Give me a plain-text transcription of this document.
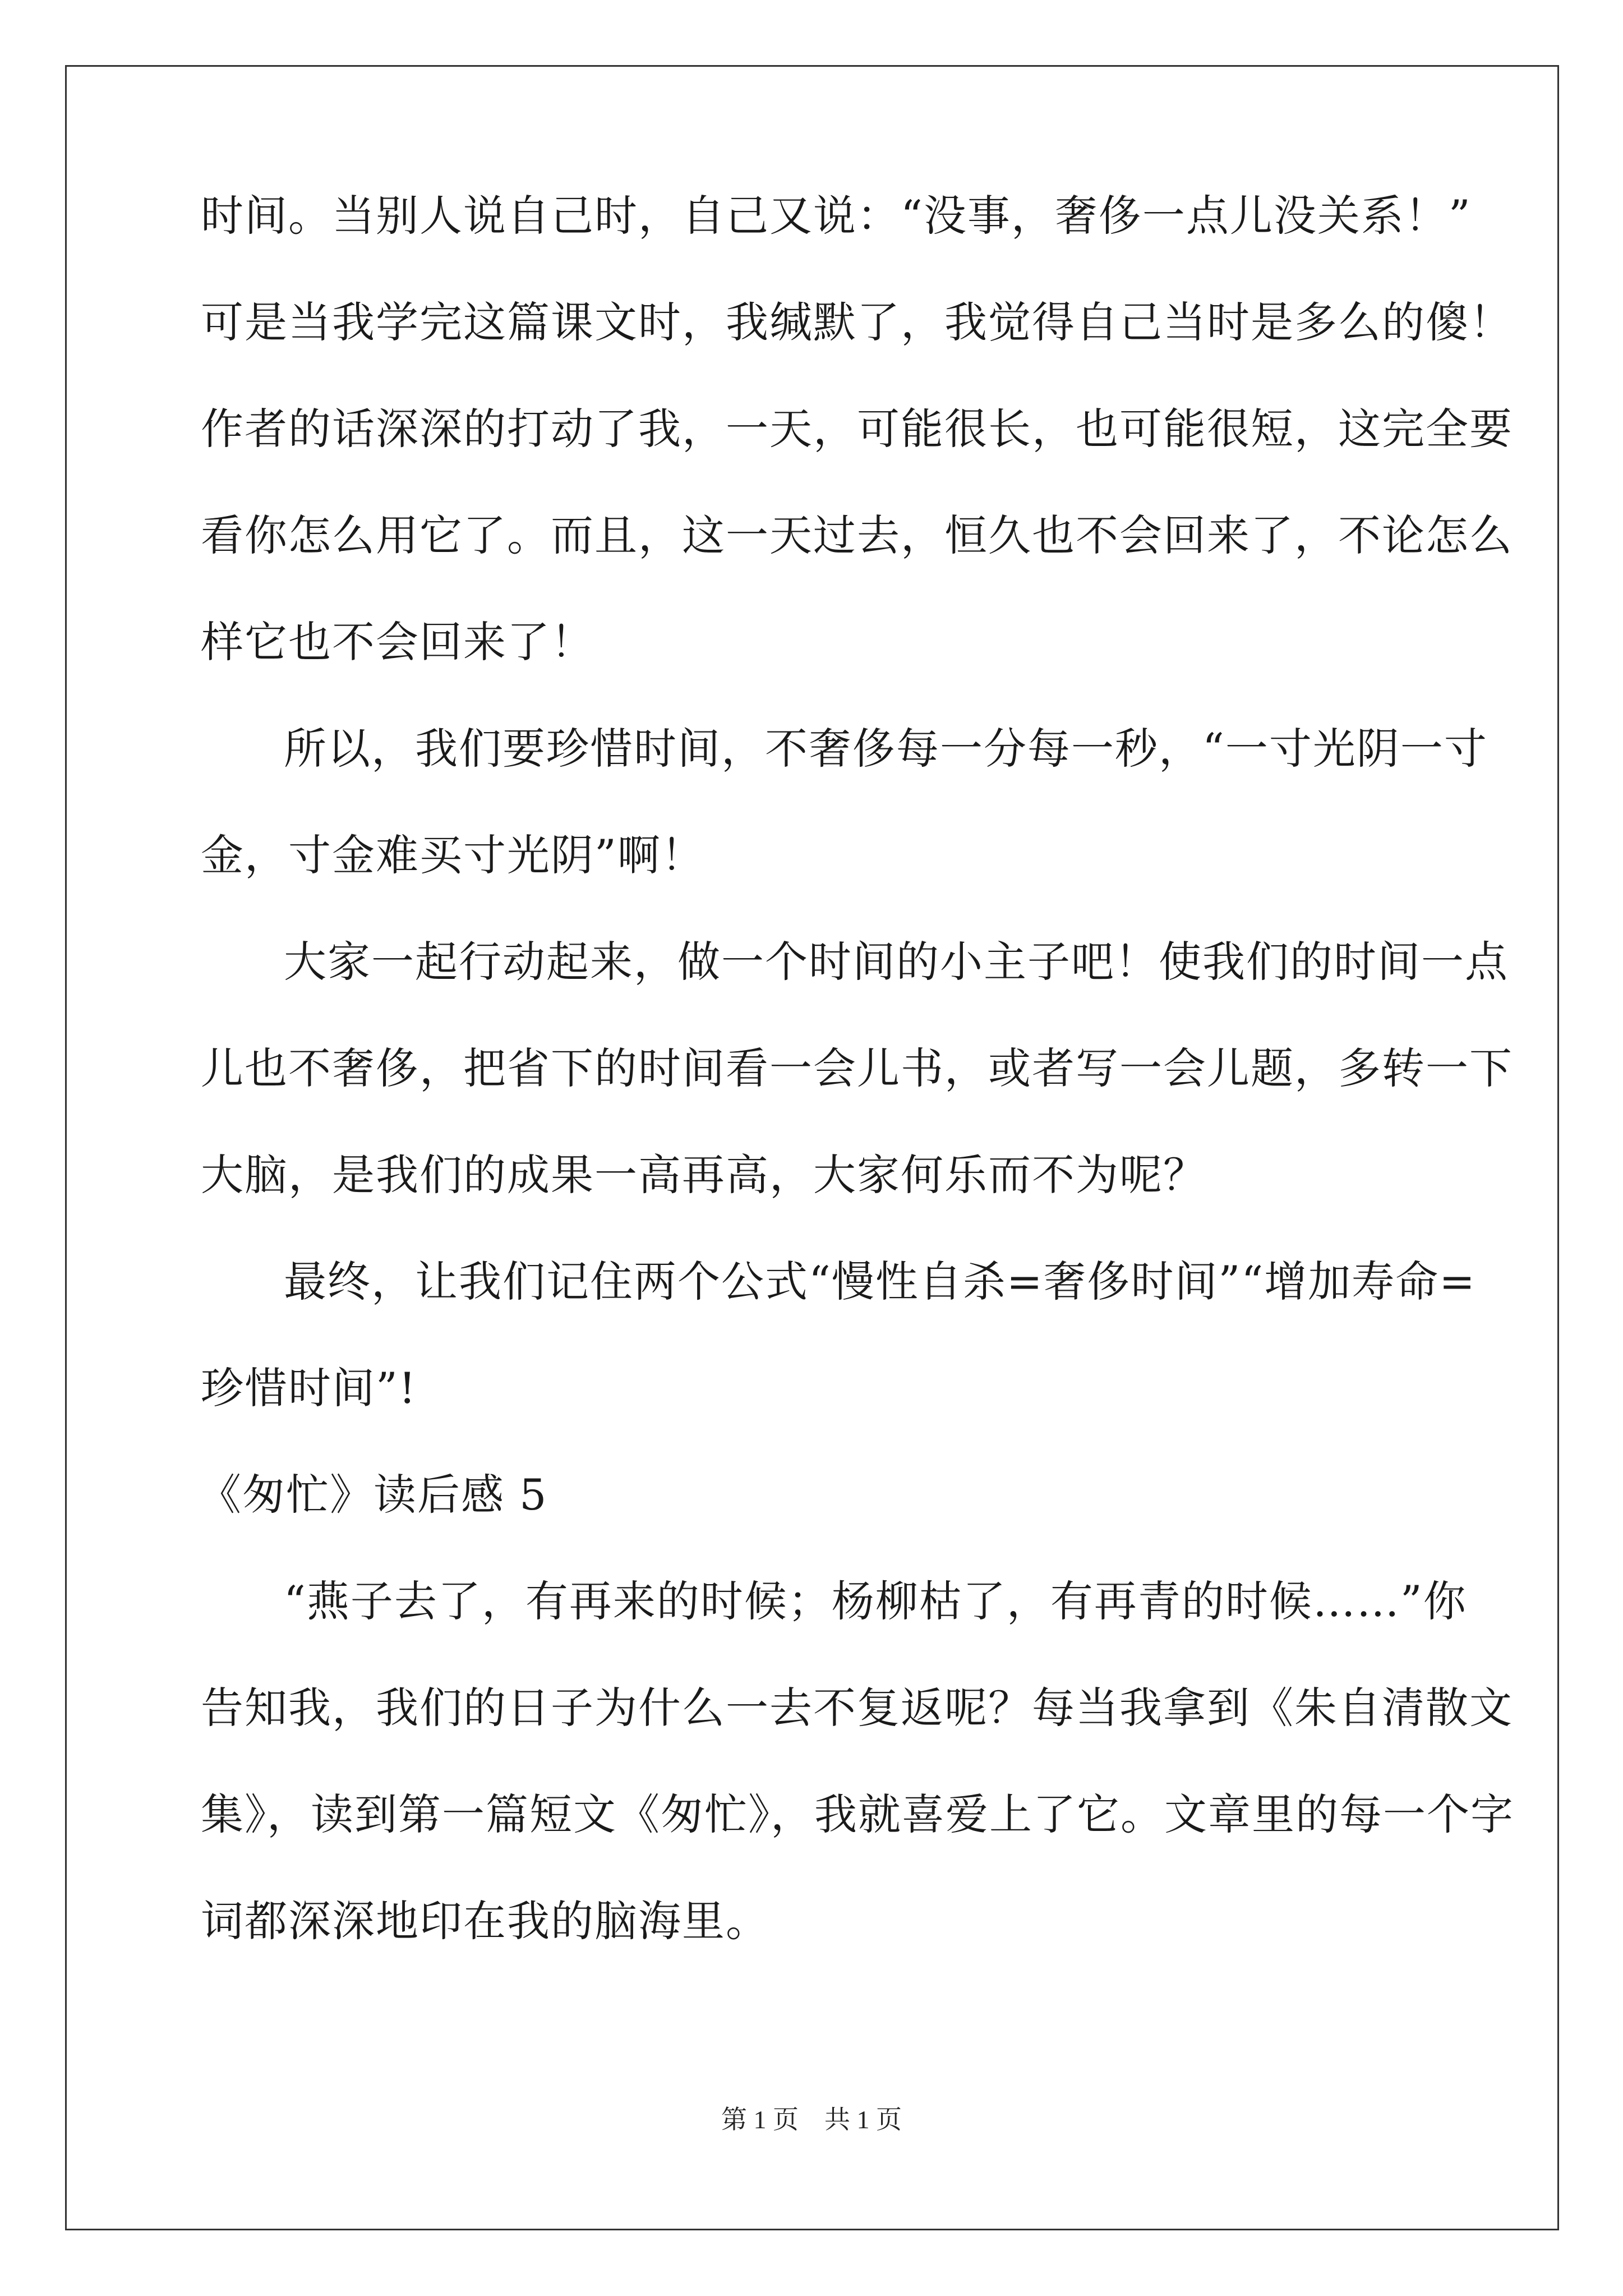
时间。当别人说自己时，自己又说：“没事，奢侈一点儿没关系！”
可是当我学完这篇课文时，我缄默了，我觉得自己当时是多么的傻！
作者的话深深的打动了我，一天，可能很长，也可能很短，这完全要
看你怎么用它了。而且，这一天过去，恒久也不会回来了，不论怎么
样它也不会回来了！
所以，我们要珍惜时间，不奢侈每一分每一秒，“一寸光阴一寸
金，寸金难买寸光阴”啊！
大家一起行动起来，做一个时间的小主子吧！使我们的时间一点
儿也不奢侈，把省下的时间看一会儿书，或者写一会儿题，多转一下
大脑，是我们的成果一高再高，大家何乐而不为呢？
最终，让我们记住两个公式“慢性自杀=奢侈时间”“增加寿命=
珍惜时间”!
《匆忙》读后感 5
“燕子去了，有再来的时候；杨柳枯了，有再青的时候……”你
告知我，我们的日子为什么一去不复返呢？每当我拿到《朱自清散文
集》，读到第一篇短文《匆忙》，我就喜爱上了它。文章里的每一个字
词都深深地印在我的脑海里。
第 1 页　共 1 页
